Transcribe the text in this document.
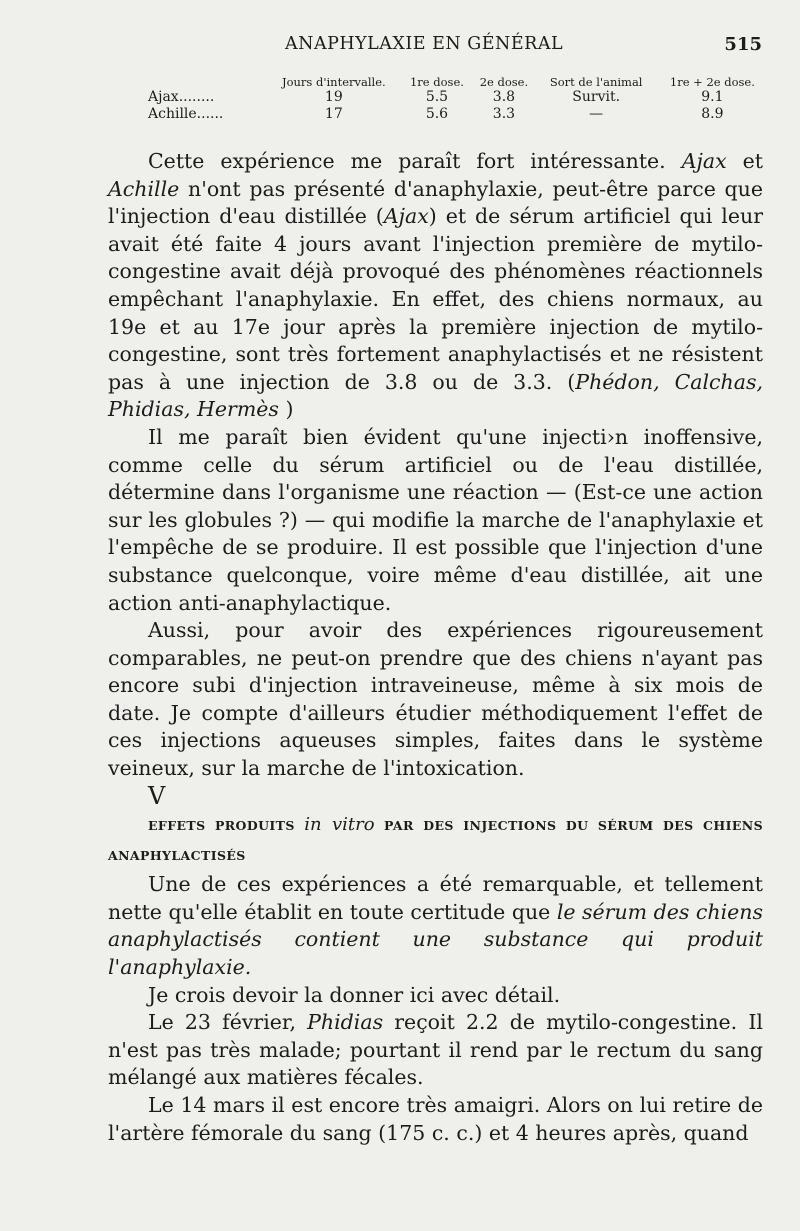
ANAPHYLAXIE EN GÉNÉRAL	515
	Jours d'intervalle.	1re dose.	2e dose.	Sort de l'animal	1re + 2e dose.
Ajax........	19	5.5	3.8	Survit.	9.1
Achille......	17	5.6	3.3	—	8.9

Cette expérience me paraît fort intéressante. Ajax et Achille n'ont pas présenté d'anaphylaxie, peut-être parce que l'injection d'eau distillée (Ajax) et de sérum artificiel qui leur avait été faite 4 jours avant l'injection première de mytilo-congestine avait déjà provoqué des phénomènes réactionnels empêchant l'anaphylaxie. En effet, des chiens normaux, au 19e et au 17e jour après la première injection de mytilo-congestine, sont très fortement anaphylactisés et ne résistent pas à une injection de 3.8 ou de 3.3. (Phédon, Calchas, Phidias, Hermès )

Il me paraît bien évident qu'une injecti›n inoffensive, comme celle du sérum artificiel ou de l'eau distillée, détermine dans l'organisme une réaction — (Est-ce une action sur les globules ?) — qui modifie la marche de l'anaphylaxie et l'empêche de se produire. Il est possible que l'injection d'une substance quelconque, voire même d'eau distillée, ait une action anti-anaphylactique.

Aussi, pour avoir des expériences rigoureusement comparables, ne peut-on prendre que des chiens n'ayant pas encore subi d'injection intraveineuse, même à six mois de date. Je compte d'ailleurs étudier méthodiquement l'effet de ces injections aqueuses simples, faites dans le système veineux, sur la marche de l'intoxication.

V

EFFETS PRODUITS in vitro PAR DES INJECTIONS DU SÉRUM DES CHIENS ANAPHYLACTISÉS

Une de ces expériences a été remarquable, et tellement nette qu'elle établit en toute certitude que le sérum des chiens anaphylactisés contient une substance qui produit l'anaphylaxie.

Je crois devoir la donner ici avec détail.

Le 23 février, Phidias reçoit 2.2 de mytilo-congestine. Il n'est pas très malade; pourtant il rend par le rectum du sang mélangé aux matières fécales.

Le 14 mars il est encore très amaigri. Alors on lui retire de l'artère fémorale du sang (175 c. c.) et 4 heures après, quand
